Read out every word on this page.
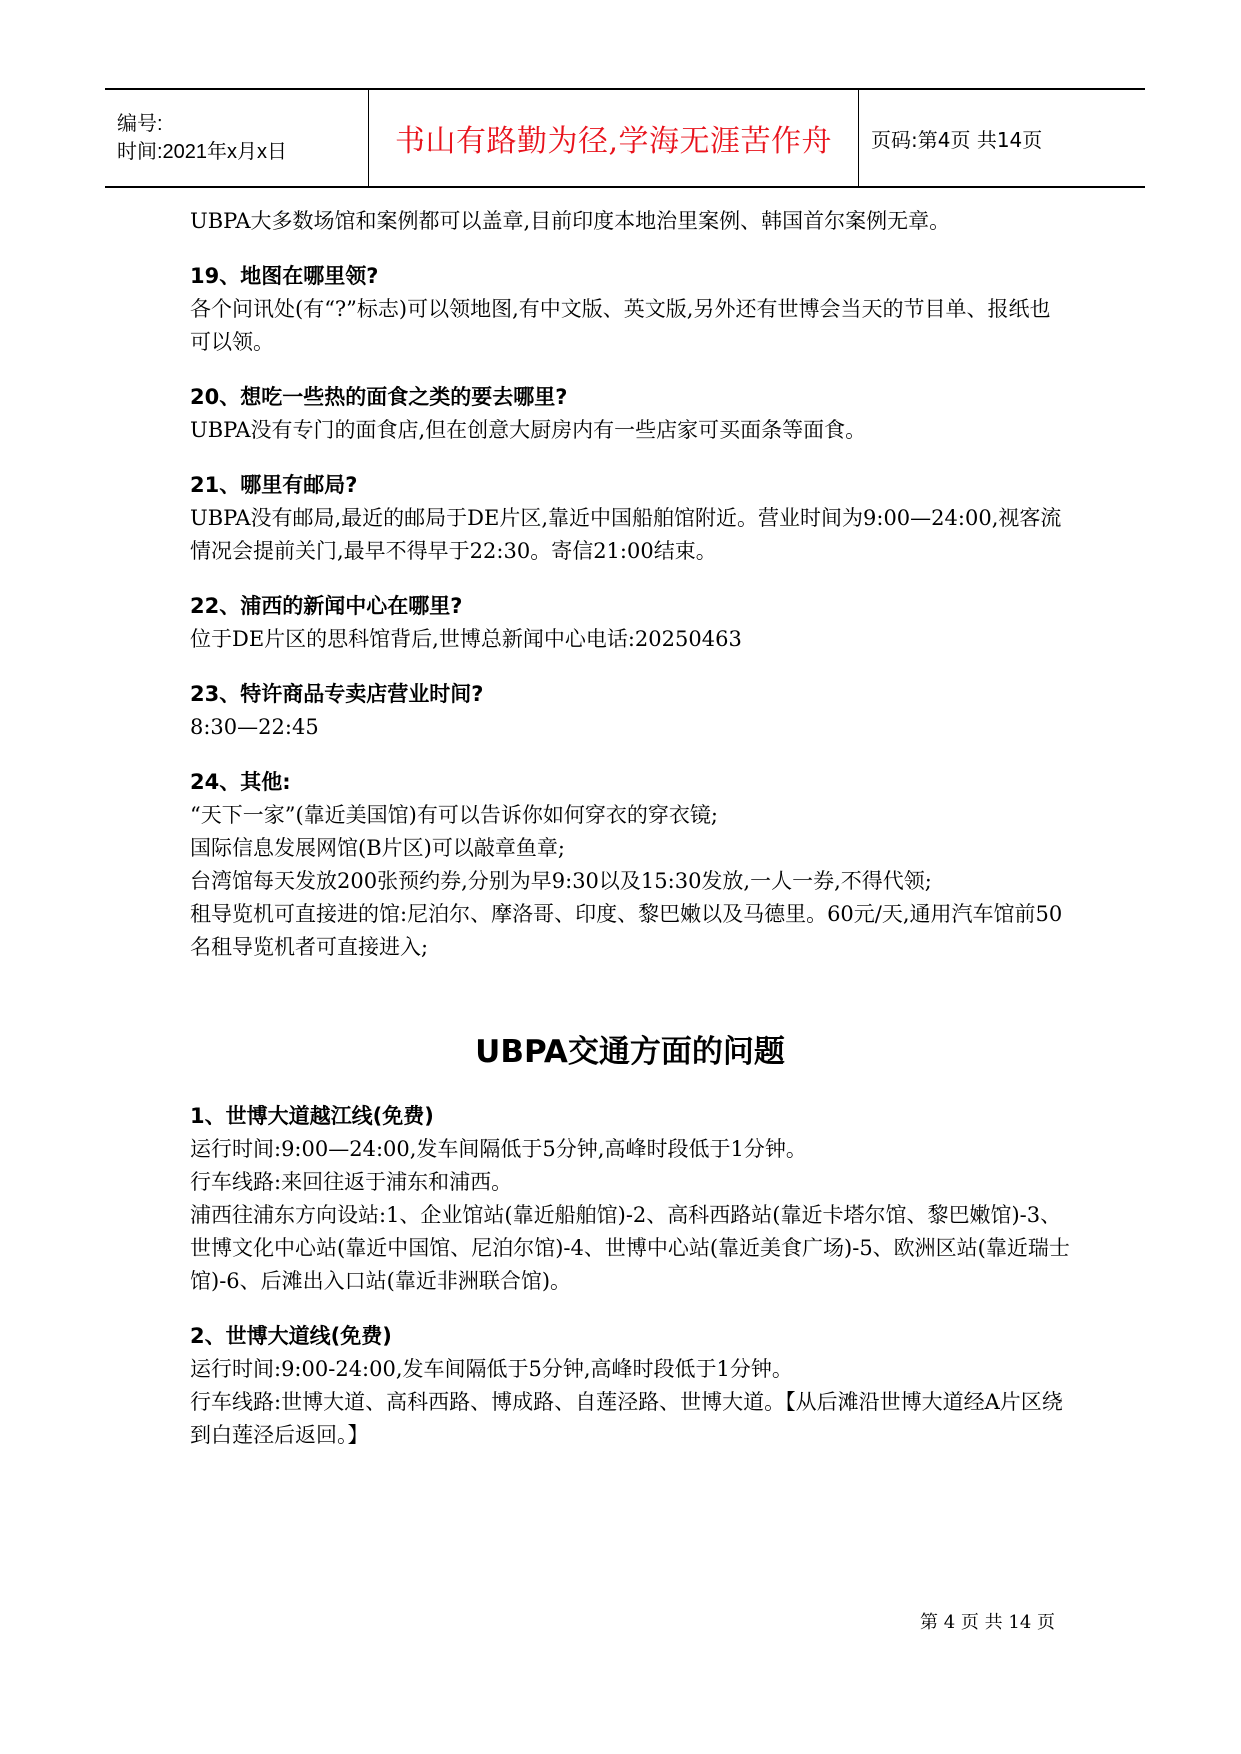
编号:
时间:2021年x月x日	书山有路勤为径,学海无涯苦作舟 页码:第4页 共14页

UBPA大多数场馆和案例都可以盖章,目前印度本地治里案例、韩国首尔案例无章。

19、地图在哪里领?

各个问讯处(有“?”标志)可以领地图,有中文版、英文版,另外还有世博会当天的节目单、报纸也可以领。

20、想吃一些热的面食之类的要去哪里?

UBPA没有专门的面食店,但在创意大厨房内有一些店家可买面条等面食。

21、哪里有邮局?

UBPA没有邮局,最近的邮局于DE片区,靠近中国船舶馆附近。营业时间为9:00—24:00,视客流情况会提前关门,最早不得早于22:30。寄信21:00结束。

22、浦西的新闻中心在哪里?

位于DE片区的思科馆背后,世博总新闻中心电话:20250463

23、特许商品专卖店营业时间?

8:30—22:45

24、其他:

“天下一家”(靠近美国馆)有可以告诉你如何穿衣的穿衣镜;

国际信息发展网馆(B片区)可以敲章鱼章;

台湾馆每天发放200张预约券,分别为早9:30以及15:30发放,一人一券,不得代领;

租导览机可直接进的馆:尼泊尔、摩洛哥、印度、黎巴嫩以及马德里。60元/天,通用汽车馆前50名租导览机者可直接进入;

UBPA交通方面的问题

1、世博大道越江线(免费)

运行时间:9:00—24:00,发车间隔低于5分钟,高峰时段低于1分钟。

行车线路:来回往返于浦东和浦西。

浦西往浦东方向设站:1、企业馆站(靠近船舶馆)-2、高科西路站(靠近卡塔尔馆、黎巴嫩馆)-3、世博文化中心站(靠近中国馆、尼泊尔馆)-4、世博中心站(靠近美食广场)-5、欧洲区站(靠近瑞士馆)-6、后滩出入口站(靠近非洲联合馆)。

2、世博大道线(免费)

运行时间:9:00-24:00,发车间隔低于5分钟,高峰时段低于1分钟。

行车线路:世博大道、高科西路、博成路、自莲泾路、世博大道。【从后滩沿世博大道经A片区绕到白莲泾后返回。】

第 4 页 共 14 页
